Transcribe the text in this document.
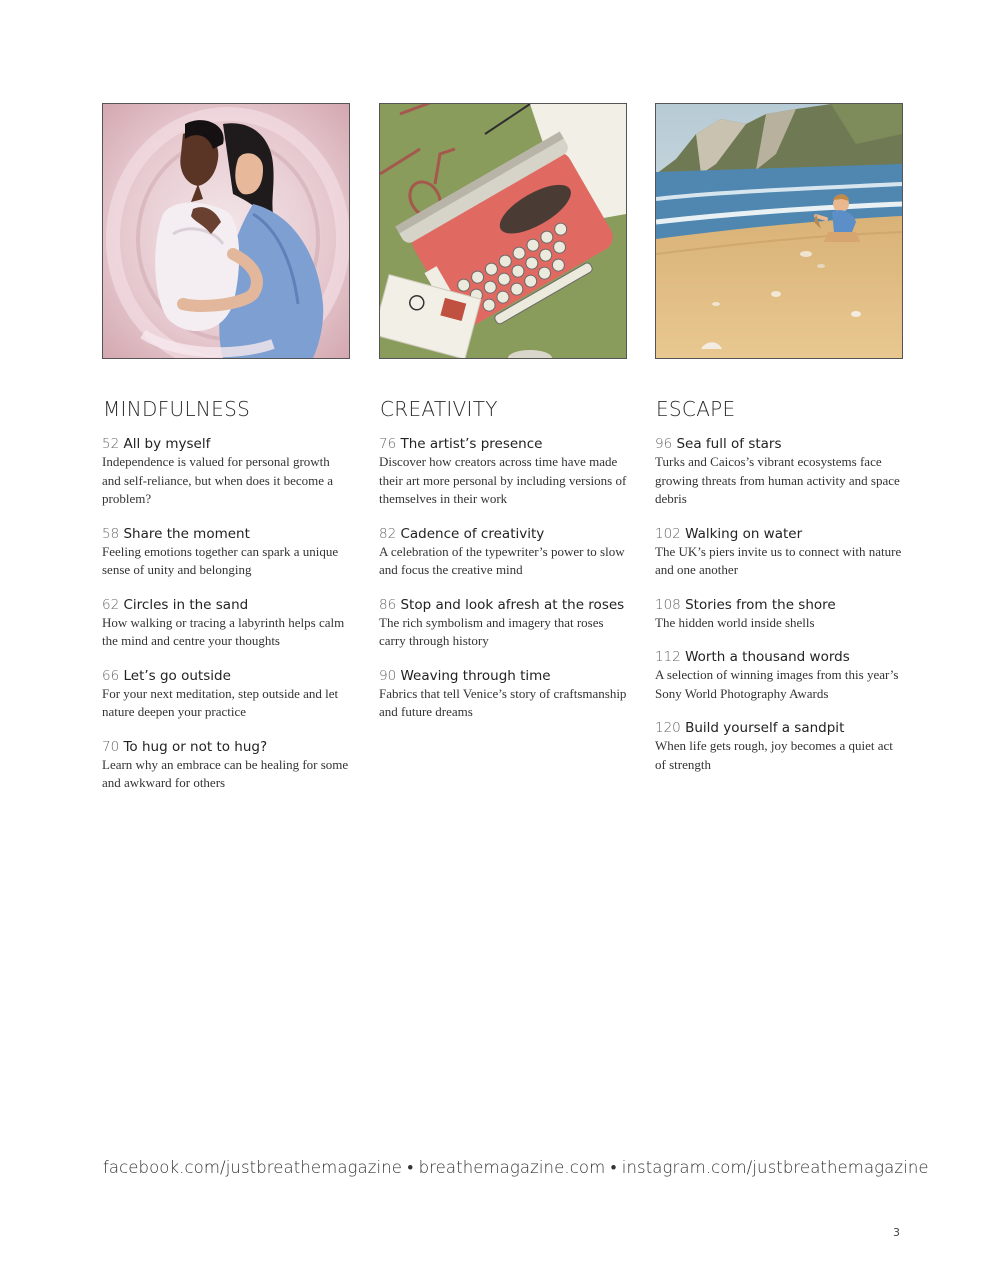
MINDFULNESS
52 All by myself
Independence is valued for personal growth and self-reliance, but when does it become a problem?
58 Share the moment
Feeling emotions together can spark a unique sense of unity and belonging
62 Circles in the sand
How walking or tracing a labyrinth helps calm the mind and centre your thoughts
66 Let’s go outside
For your next meditation, step outside and let nature deepen your practice
70 To hug or not to hug?
Learn why an embrace can be healing for some and awkward for others
CREATIVITY
76 The artist’s presence
Discover how creators across time have made their art more personal by including versions of themselves in their work
82 Cadence of creativity
A celebration of the typewriter’s power to slow and focus the creative mind
86 Stop and look afresh at the roses
The rich symbolism and imagery that roses carry through history
90 Weaving through time
Fabrics that tell Venice’s story of craftsmanship and future dreams
ESCAPE
96 Sea full of stars
Turks and Caicos’s vibrant ecosystems face growing threats from human activity and space debris
102 Walking on water
The UK’s piers invite us to connect with nature and one another
108 Stories from the shore
The hidden world inside shells
112 Worth a thousand words
A selection of winning images from this year’s Sony World Photography Awards
120 Build yourself a sandpit
When life gets rough, joy becomes a quiet act of strength
facebook.com/justbreathemagazine • breathemagazine.com • instagram.com/justbreathemagazine
3
